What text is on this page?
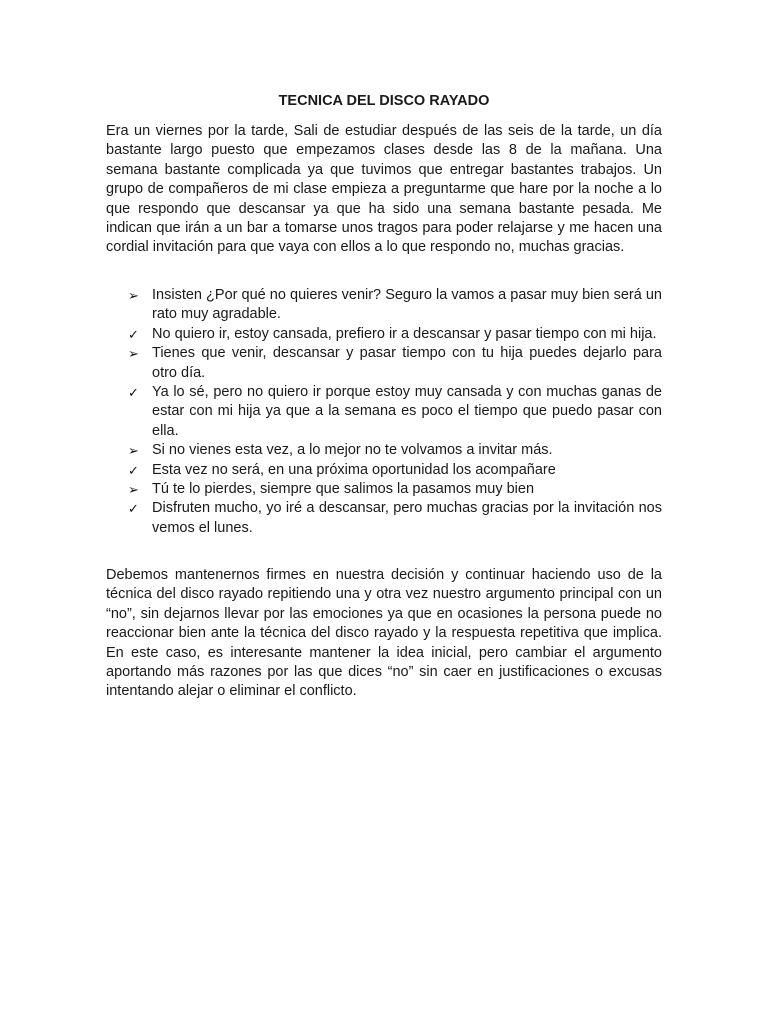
TECNICA DEL DISCO RAYADO

Era un viernes por la tarde, Sali de estudiar después de las seis de la tarde, un día bastante largo puesto que empezamos clases desde las 8 de la mañana. Una semana bastante complicada ya que tuvimos que entregar bastantes trabajos. Un grupo de compañeros de mi clase empieza a preguntarme que hare por la noche a lo que respondo que descansar ya que ha sido una semana bastante pesada. Me indican que irán a un bar a tomarse unos tragos para poder relajarse y me hacen una cordial invitación para que vaya con ellos a lo que respondo no, muchas gracias.

➢ Insisten ¿Por qué no quieres venir? Seguro la vamos a pasar muy bien será un rato muy agradable.
✓ No quiero ir, estoy cansada, prefiero ir a descansar y pasar tiempo con mi hija.
➢ Tienes que venir, descansar y pasar tiempo con tu hija puedes dejarlo para otro día.
✓ Ya lo sé, pero no quiero ir porque estoy muy cansada y con muchas ganas de estar con mi hija ya que a la semana es poco el tiempo que puedo pasar con ella.
➢ Si no vienes esta vez, a lo mejor no te volvamos a invitar más.
✓ Esta vez no será, en una próxima oportunidad los acompañare
➢ Tú te lo pierdes, siempre que salimos la pasamos muy bien
✓ Disfruten mucho, yo iré a descansar, pero muchas gracias por la invitación nos vemos el lunes.

Debemos mantenernos firmes en nuestra decisión y continuar haciendo uso de la técnica del disco rayado repitiendo una y otra vez nuestro argumento principal con un “no”, sin dejarnos llevar por las emociones ya que en ocasiones la persona puede no reaccionar bien ante la técnica del disco rayado y la respuesta repetitiva que implica. En este caso, es interesante mantener la idea inicial, pero cambiar el argumento aportando más razones por las que dices “no” sin caer en justificaciones o excusas intentando alejar o eliminar el conflicto.
